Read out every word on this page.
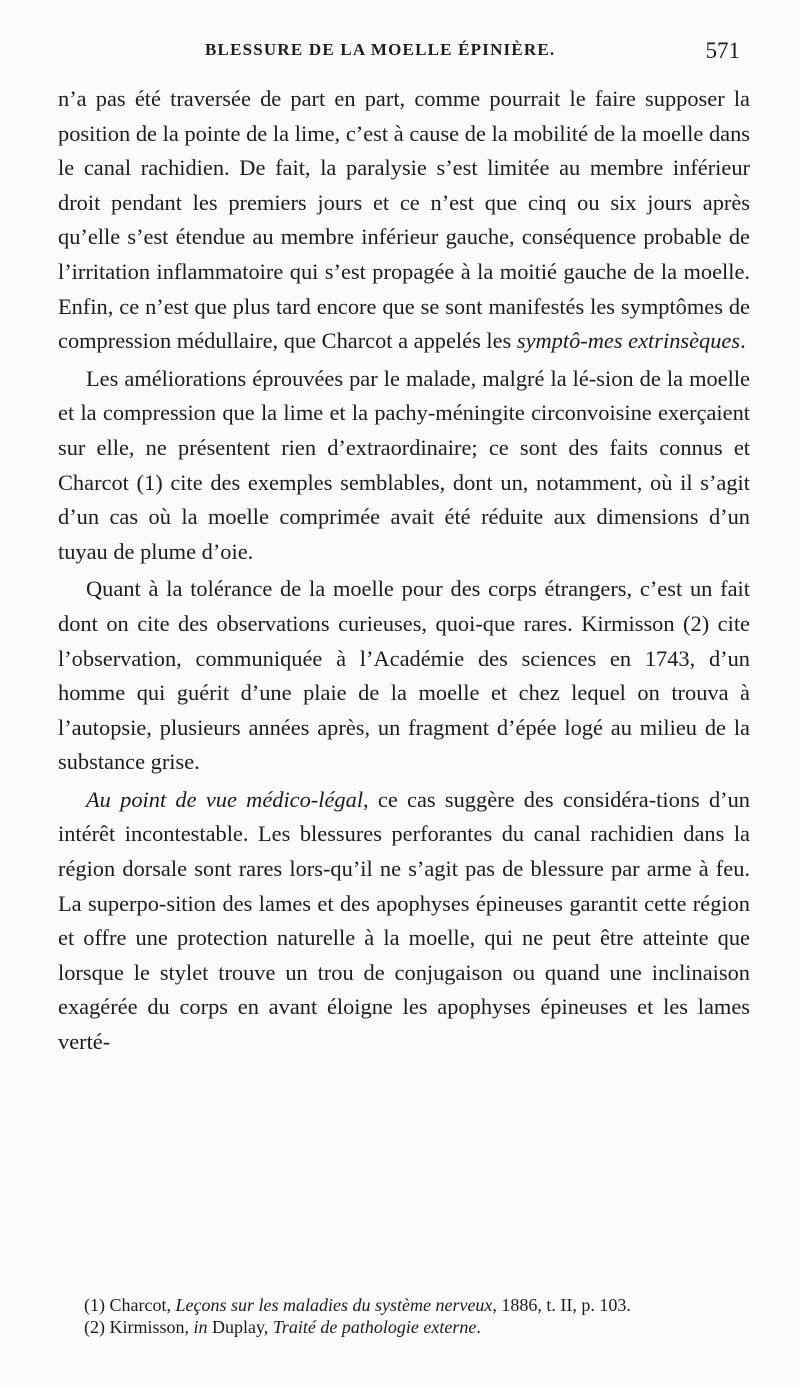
BLESSURE DE LA MOELLE ÉPINIÈRE.	571

n’a pas été traversée de part en part, comme pourrait le faire supposer la position de la pointe de la lime, c’est à cause de la mobilité de la moelle dans le canal rachidien. De fait, la paralysie s’est limitée au membre inférieur droit pendant les premiers jours et ce n’est que cinq ou six jours après qu’elle s’est étendue au membre inférieur gauche, conséquence probable de l’irritation inflammatoire qui s’est propagée à la moitié gauche de la moelle. Enfin, ce n’est que plus tard encore que se sont manifestés les symptômes de compression médullaire, que Charcot a appelés les symptô-mes extrinsèques.

Les améliorations éprouvées par le malade, malgré la lé-sion de la moelle et la compression que la lime et la pachy-méningite circonvoisine exerçaient sur elle, ne présentent rien d’extraordinaire; ce sont des faits connus et Charcot (1) cite des exemples semblables, dont un, notamment, où il s’agit d’un cas où la moelle comprimée avait été réduite aux dimensions d’un tuyau de plume d’oie.

Quant à la tolérance de la moelle pour des corps étrangers, c’est un fait dont on cite des observations curieuses, quoi-que rares. Kirmisson (2) cite l’observation, communiquée à l’Académie des sciences en 1743, d’un homme qui guérit d’une plaie de la moelle et chez lequel on trouva à l’autopsie, plusieurs années après, un fragment d’épée logé au milieu de la substance grise.

Au point de vue médico-légal, ce cas suggère des considéra-tions d’un intérêt incontestable. Les blessures perforantes du canal rachidien dans la région dorsale sont rares lors-qu’il ne s’agit pas de blessure par arme à feu. La superpo-sition des lames et des apophyses épineuses garantit cette région et offre une protection naturelle à la moelle, qui ne peut être atteinte que lorsque le stylet trouve un trou de conjugaison ou quand une inclinaison exagérée du corps en avant éloigne les apophyses épineuses et les lames verté-

(1) Charcot, Leçons sur les maladies du système nerveux, 1886, t. II, p. 103.

(2) Kirmisson, in Duplay, Traité de pathologie externe.
